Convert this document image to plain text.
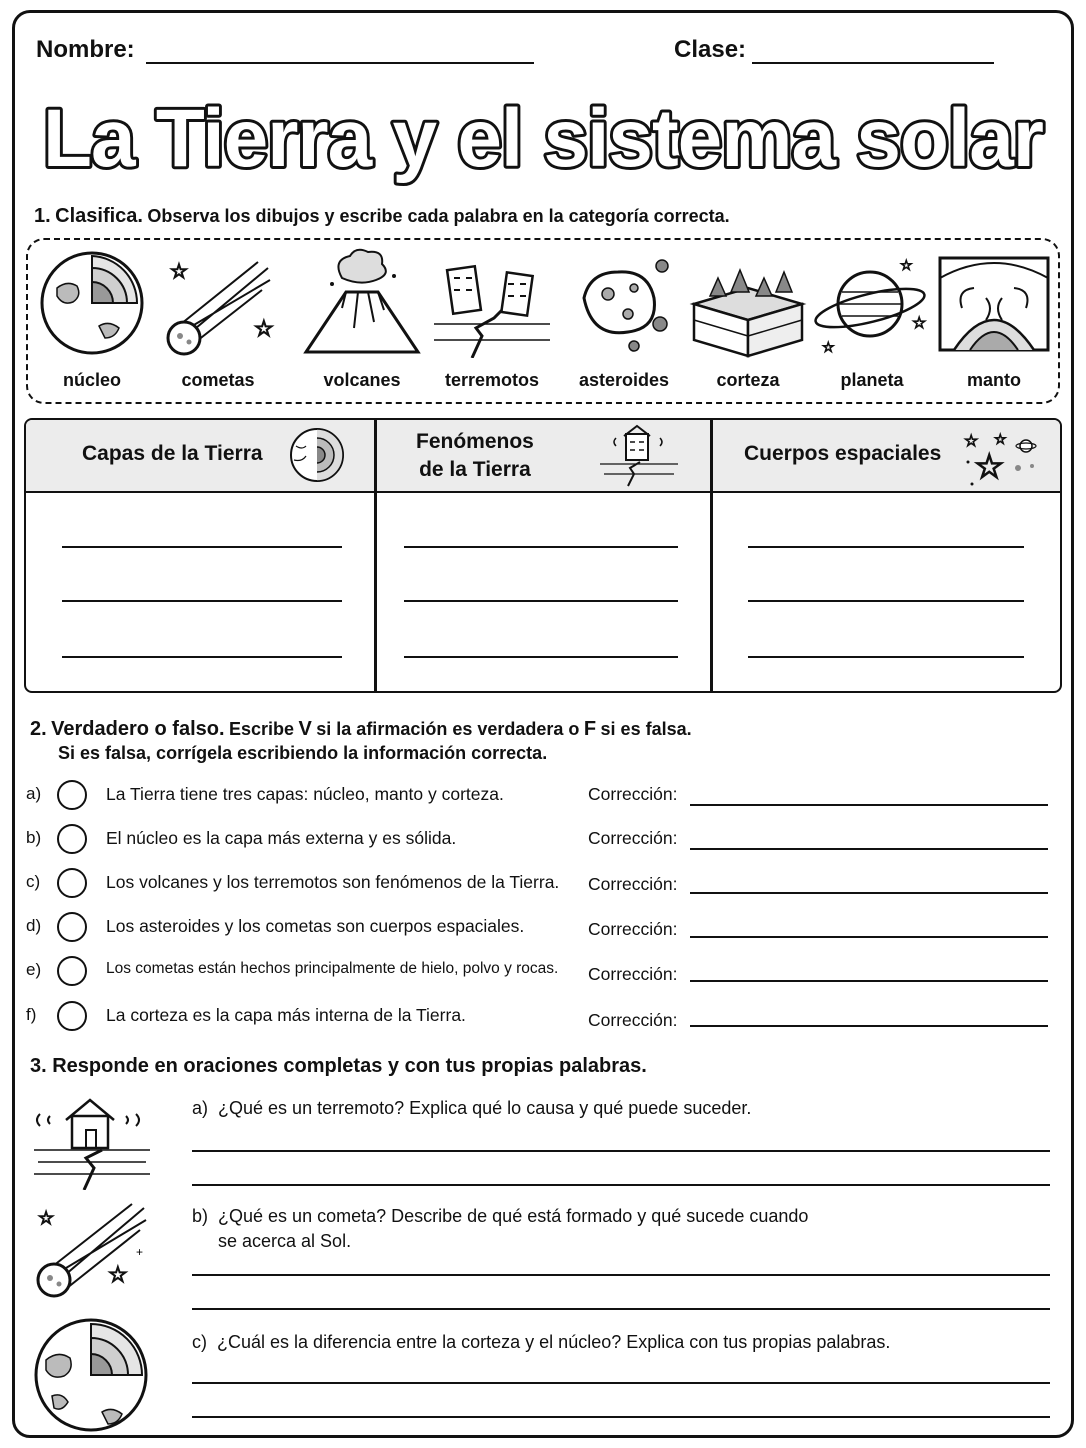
Nombre:	Clase:
La Tierra y el sistema solar
1. Clasifica. Observa los dibujos y escribe cada palabra en la categoría correcta.
núcleo
☆
☆
cometas	volcanes	terremotos	asteroides	corteza
☆
☆
☆
planeta	manto
Capas de la Tierra
Fenómenos
de la Tierra
Cuerpos espaciales
☆ ☆
☆
2. Verdadero o falso. Escribe V si la afirmación es verdadera o F si es falsa.
Si es falsa, corrígela escribiendo la información correcta.
a)	La Tierra tiene tres capas: núcleo, manto y corteza.	Corrección:
b)	El núcleo es la capa más externa y es sólida.	Corrección:
c)	Los volcanes y los terremotos son fenómenos de la Tierra. Corrección:
d)	Los asteroides y los cometas son cuerpos espaciales.	Corrección:
e)	Los cometas están hechos principalmente de hielo, polvo y rocas. Corrección:
f)	La corteza es la capa más interna de la Tierra.	Corrección:
3. Responde en oraciones completas y con tus propias palabras.
☆
☆
+
a) ¿Qué es un terremoto? Explica qué lo causa y qué puede suceder.
b) ¿Qué es un cometa? Describe de qué está formado y qué sucede cuando
se acerca al Sol.
c) ¿Cuál es la diferencia entre la corteza y el núcleo? Explica con tus propias palabras.
